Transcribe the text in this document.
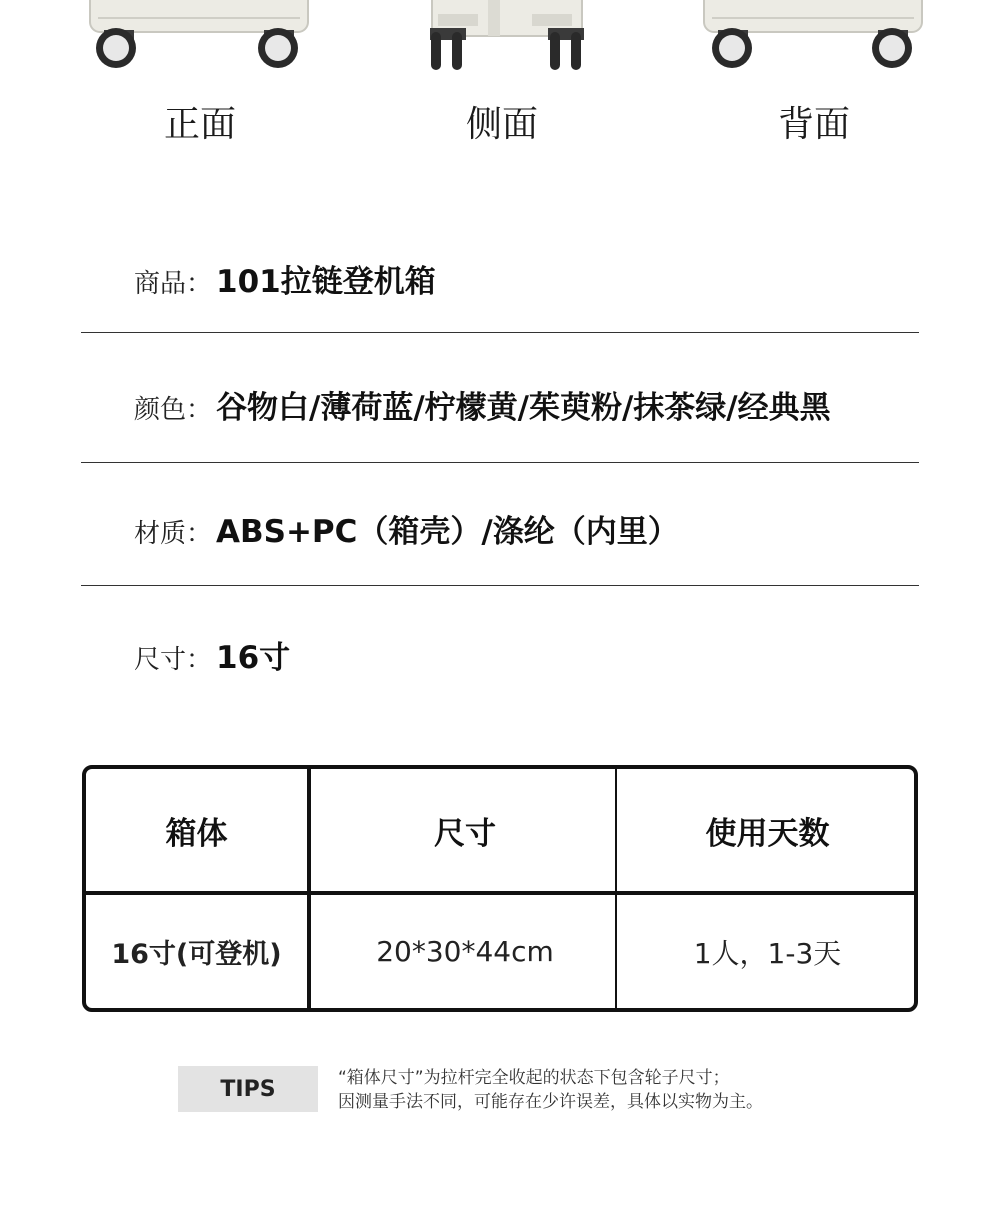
正面	侧面	背面
商品： 101拉链登机箱
颜色： 谷物白/薄荷蓝/柠檬黄/茱萸粉/抹茶绿/经典黑
材质： ABS+PC（箱壳）/涤纶（内里）
尺寸： 16寸
箱体	尺寸	使用天数
16寸(可登机)	20*30*44cm	1人，1-3天
TIPS	“箱体尺寸”为拉杆完全收起的状态下包含轮子尺寸；
因测量手法不同，可能存在少许误差，具体以实物为主。
